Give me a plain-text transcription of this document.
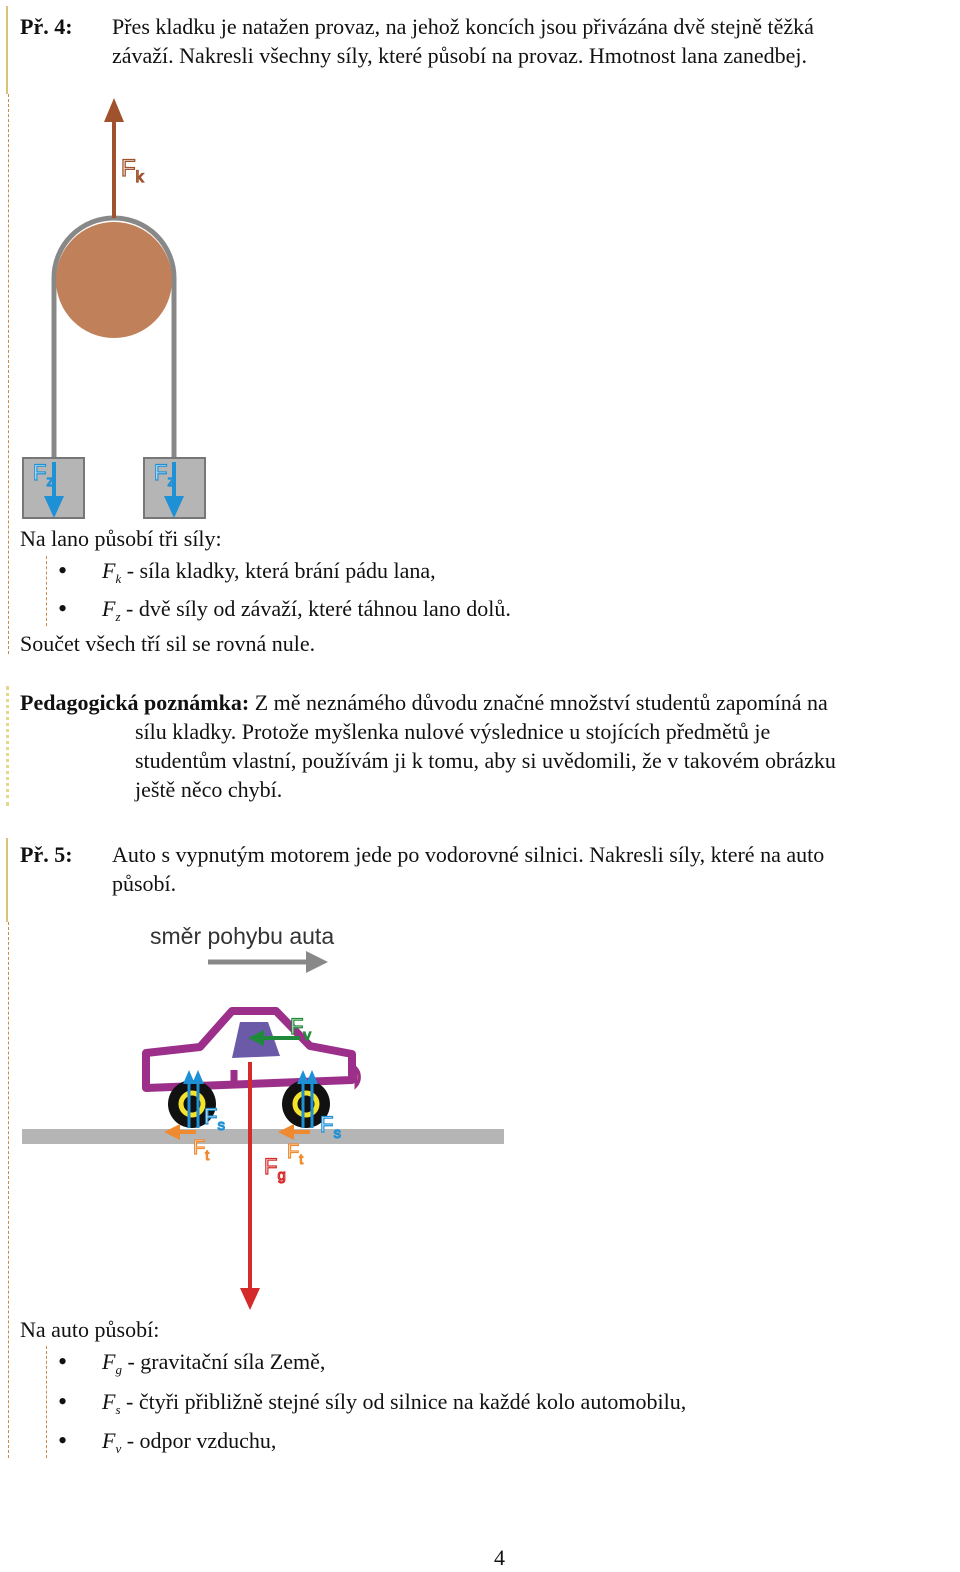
Př. 4: Přes kladku je natažen provaz, na jehož koncích jsou přivázána dvě stejně těžká
závaží. Nakresli všechny síly, které působí na provaz. Hmotnost lana zanedbej.
$F_k$
$F_z$	$F_z$
Na lano působí tři síly:
• $F_k$ - síla kladky, která brání pádu lana,
• $F_z$ - dvě síly od závaží, které táhnou lano dolů.
Součet všech tří sil se rovná nule.
Pedagogická poznámka: Z mě neznámého důvodu značné množství studentů zapomíná na
sílu kladky. Protože myšlenka nulové výslednice u stojících předmětů je
studentům vlastní, používám ji k tomu, aby si uvědomili, že v takovém obrázku
ještě něco chybí.
Př. 5: Auto s vypnutým motorem jede po vodorovné silnici. Nakresli síly, které na auto
působí.
směr pohybu auta
$F_s$	$F_s$
$F_t$	$F_t$
$F_v$
$F_g$
Na auto působí:
• $F_g$ - gravitační síla Země,
• $F_s$ - čtyři přibližně stejné síly od silnice na každé kolo automobilu,
• $F_v$ - odpor vzduchu,
4
